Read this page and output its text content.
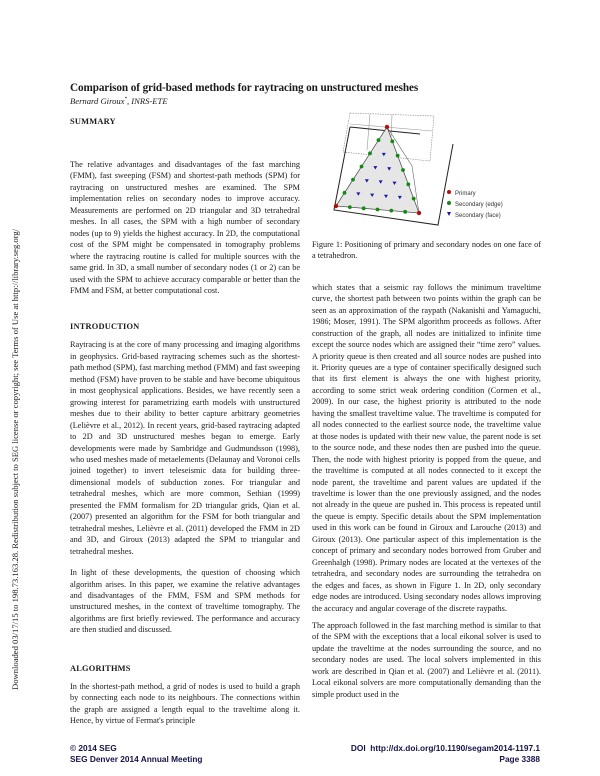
Downloaded 03/17/15 to 198.73.163.28. Redistribution subject to SEG license or copyright; see Terms of Use at http://library.seg.org/
Comparison of grid-based methods for raytracing on unstructured meshes
Bernard Giroux*, INRS-ETE
SUMMARY
The relative advantages and disadvantages of the fast marching (FMM), fast sweeping (FSM) and shortest-path methods (SPM) for raytracing on unstructured meshes are examined. The SPM implementation relies on secondary nodes to improve accuracy. Measurements are performed on 2D triangular and 3D tetrahedral meshes. In all cases, the SPM with a high number of secondary nodes (up to 9) yields the highest accuracy. In 2D, the computational cost of the SPM might be compensated in tomography problems where the raytracing routine is called for multiple sources with the same grid. In 3D, a small number of secondary nodes (1 or 2) can be used with the SPM to achieve accuracy comparable or better than the FMM and FSM, at better computational cost.
INTRODUCTION
Raytracing is at the core of many processing and imaging algorithms in geophysics. Grid-based raytracing schemes such as the shortest-path method (SPM), fast marching method (FMM) and fast sweeping method (FSM) have proven to be stable and have become ubiquitous in most geophysical applications. Besides, we have recently seen a growing interest for parametrizing earth models with unstructured meshes due to their ability to better capture arbitrary geometries (Lelièvre et al., 2012). In recent years, grid-based raytracing adapted to 2D and 3D unstructured meshes began to emerge. Early developments were made by Sambridge and Gudmundsson (1998), who used meshes made of metaelements (Delaunay and Voronoi cells joined together) to invert teleseismic data for building three-dimensional models of subduction zones. For triangular and tetrahedral meshes, which are more common, Sethian (1999) presented the FMM formalism for 2D triangular grids, Qian et al. (2007) presented an algorithm for the FSM for both triangular and tetrahedral meshes, Lelièvre et al. (2011) developed the FMM in 2D and 3D, and Giroux (2013) adapted the SPM to triangular and tetrahedral meshes.
In light of these developments, the question of choosing which algorithm arises. In this paper, we examine the relative advantages and disadvantages of the FMM, FSM and SPM methods for unstructured meshes, in the context of traveltime tomography. The algorithms are first briefly reviewed. The performance and accuracy are then studied and discussed.
ALGORITHMS
In the shortest-path method, a grid of nodes is used to build a graph by connecting each node to its neighbours. The connections within the graph are assigned a length equal to the traveltime along it. Hence, by virtue of Fermat's principle
Primary
Secondary (edge)
Secondary (face)
Figure 1: Positioning of primary and secondary nodes on one face of a tetrahedron.
which states that a seismic ray follows the minimum traveltime curve, the shortest path between two points within the graph can be seen as an approximation of the raypath (Nakanishi and Yamaguchi, 1986; Moser, 1991). The SPM algorithm proceeds as follows. After construction of the graph, all nodes are initialized to infinite time except the source nodes which are assigned their “time zero” values. A priority queue is then created and all source nodes are pushed into it. Priority queues are a type of container specifically designed such that its first element is always the one with highest priority, according to some strict weak ordering condition (Cormen et al., 2009). In our case, the highest priority is attributed to the node having the smallest traveltime value. The traveltime is computed for all nodes connected to the earliest source node, the traveltime value at those nodes is updated with their new value, the parent node is set to the source node, and these nodes then are pushed into the queue. Then, the node with highest priority is popped from the queue, and the traveltime is computed at all nodes connected to it except the node parent, the traveltime and parent values are updated if the traveltime is lower than the one previously assigned, and the nodes not already in the queue are pushed in. This process is repeated until the queue is empty. Specific details about the SPM implementation used in this work can be found in Giroux and Larouche (2013) and Giroux (2013). One particular aspect of this implementation is the concept of primary and secondary nodes borrowed from Gruber and Greenhalgh (1998). Primary nodes are located at the vertexes of the tetrahedra, and secondary nodes are surrounding the tetrahedra on the edges and faces, as shown in Figure 1. In 2D, only secondary edge nodes are introduced. Using secondary nodes allows improving the accuracy and angular coverage of the discrete raypaths.
The approach followed in the fast marching method is similar to that of the SPM with the exceptions that a local eikonal solver is used to update the traveltime at the nodes surrounding the source, and no secondary nodes are used. The local solvers implemented in this work are described in Qian et al. (2007) and Lelièvre et al. (2011). Local eikonal solvers are more computationally demanding than the simple product used in the
© 2014 SEG
SEG Denver 2014 Annual Meeting
DOI http://dx.doi.org/10.1190/segam2014-1197.1
Page 3388
